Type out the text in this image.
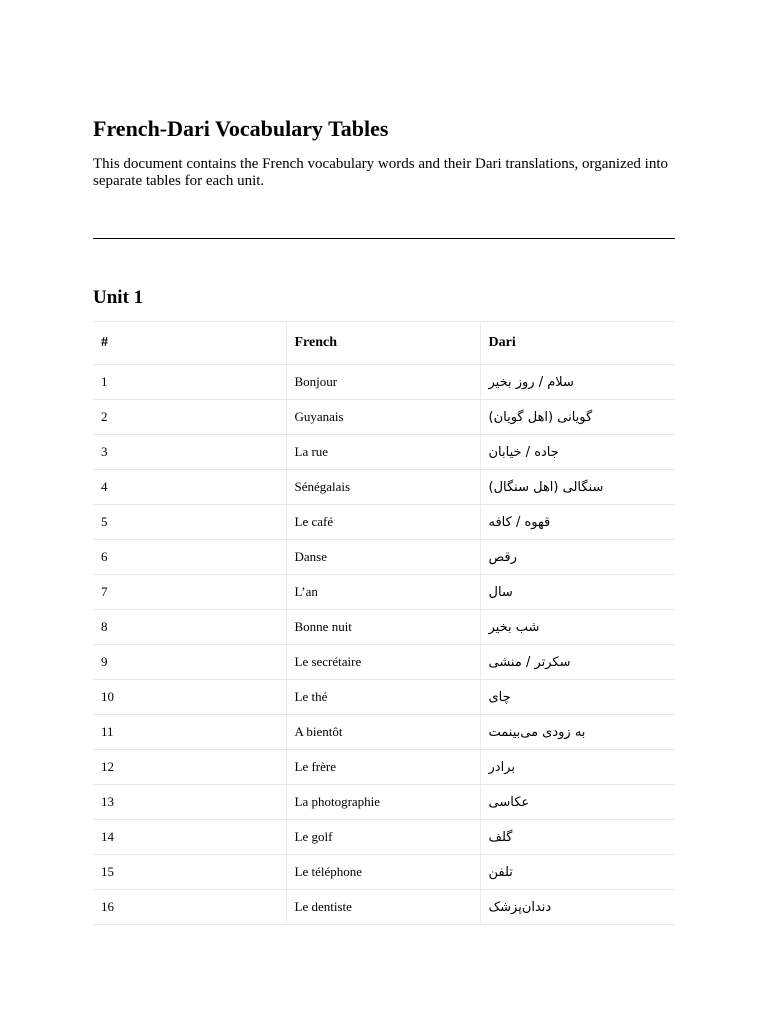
French-Dari Vocabulary Tables

This document contains the French vocabulary words and their Dari translations, organized into separate tables for each unit.

Unit 1
#	French	Dari
1	Bonjour	سلام / روز بخیر
2	Guyanais	گویانی (اهل گویان)
3	La rue	جاده / خیابان
4	Sénégalais	سنگالی (اهل سنگال)
5	Le café	قهوه / کافه
6	Danse	رقص
7	L’an	سال
8	Bonne nuit	شب بخیر
9	Le secrétaire	سکرتر / منشی
10	Le thé	چای
11	A bientôt	به زودی می‌بینمت
12	Le frère	برادر
13	La photographie	عکاسی
14	Le golf	گلف
15	Le téléphone	تلفن
16	Le dentiste	دندان‌پزشک
